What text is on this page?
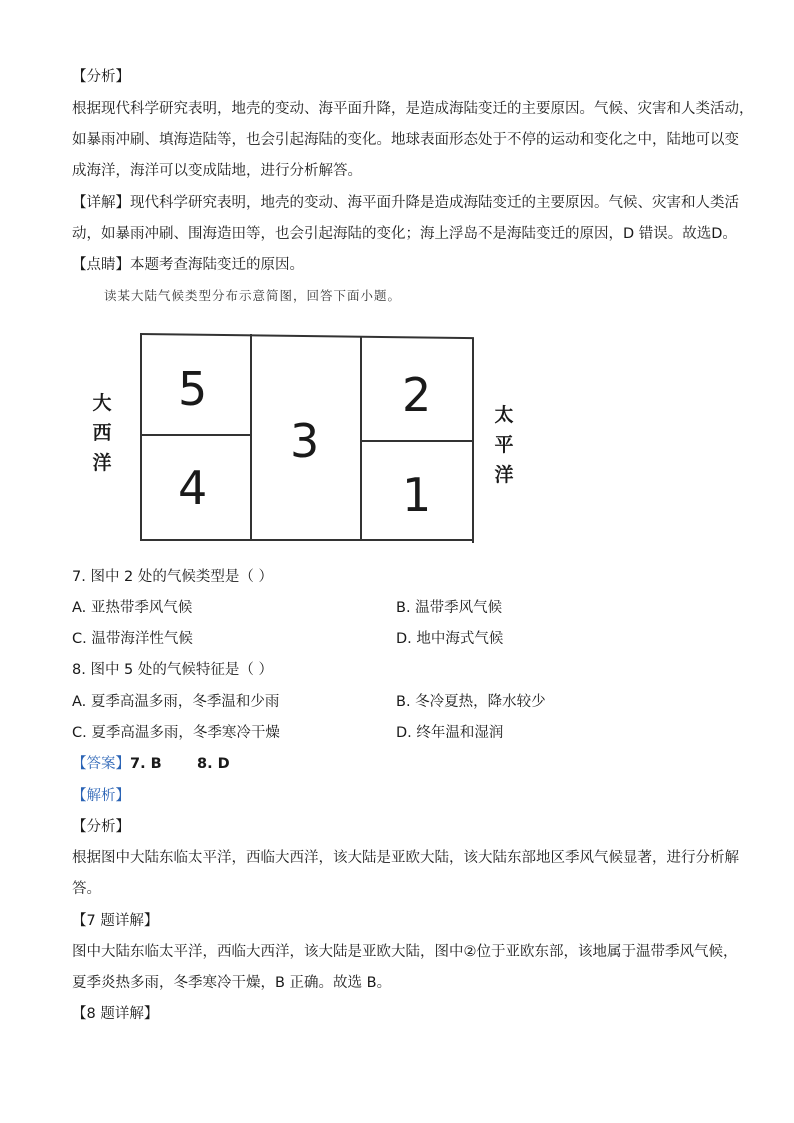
【分析】
根据现代科学研究表明，地壳的变动、海平面升降，是造成海陆变迁的主要原因。气候、灾害和人类活动，
如暴雨冲刷、填海造陆等，也会引起海陆的变化。地球表面形态处于不停的运动和变化之中，陆地可以变
成海洋，海洋可以变成陆地，进行分析解答。
【详解】现代科学研究表明，地壳的变动、海平面升降是造成海陆变迁的主要原因。气候、灾害和人类活
动，如暴雨冲刷、围海造田等，也会引起海陆的变化；海上浮岛不是海陆变迁的原因，D 错误。故选D。
【点睛】本题考查海陆变迁的原因。
读某大陆气候类型分布示意简图，回答下面小题。
5
4
3
2
1
大
西
洋
太
平
洋
7. 图中 2 处的气候类型是（ ）
A. 亚热带季风气候	B. 温带季风气候
C. 温带海洋性气候	D. 地中海式气候
8. 图中 5 处的气候特征是（ ）
A. 夏季高温多雨，冬季温和少雨	B. 冬冷夏热，降水较少
C. 夏季高温多雨，冬季寒冷干燥	D. 终年温和湿润
【答案】7. B       8. D
【解析】
【分析】
根据图中大陆东临太平洋，西临大西洋，该大陆是亚欧大陆，该大陆东部地区季风气候显著，进行分析解
答。
【7 题详解】
图中大陆东临太平洋，西临大西洋，该大陆是亚欧大陆，图中②位于亚欧东部，该地属于温带季风气候，
夏季炎热多雨，冬季寒冷干燥，B 正确。故选 B。
【8 题详解】
